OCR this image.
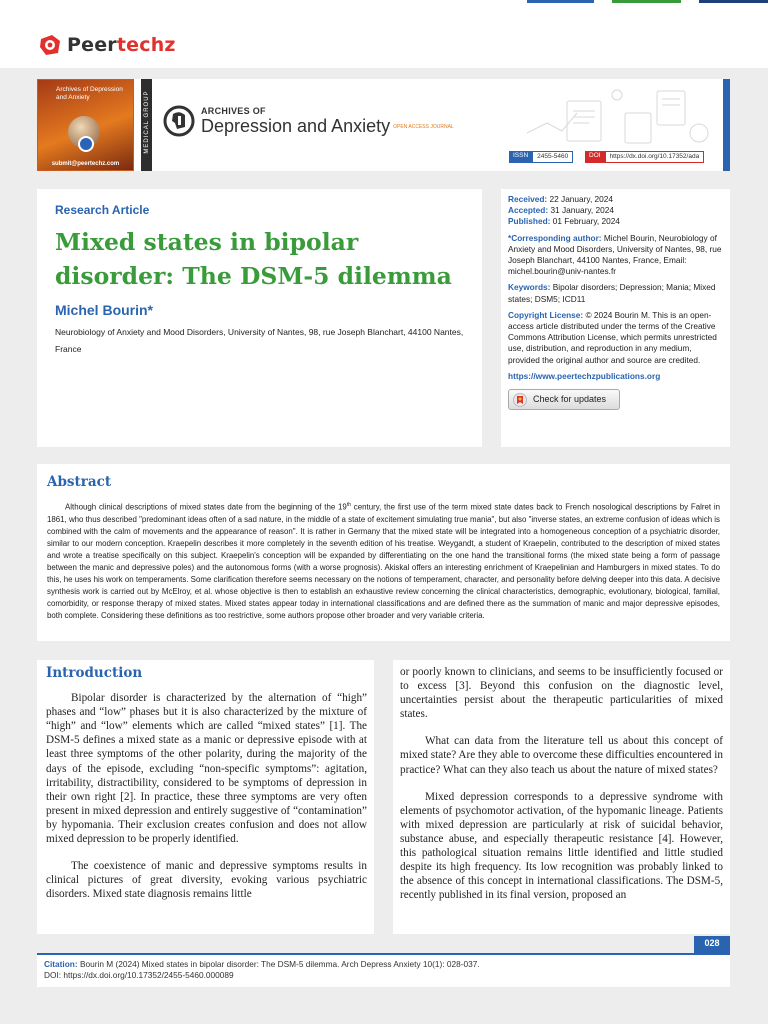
Peertechz
Archives of Depression and Anxiety
submit@peertechz.com
MEDICAL GROUP	ARCHIVES OF
Depression and Anxiety OPEN ACCESS JOURNAL
ISSN	2455-5460	DOI	https://dx.doi.org/10.17352/ada
Research Article
Mixed states in bipolar disorder: The DSM-5 dilemma
Michel Bourin*
Neurobiology of Anxiety and Mood Disorders, University of Nantes, 98, rue Joseph Blanchart, 44100 Nantes, France

Received: 22 January, 2024
Accepted: 31 January, 2024
Published: 01 February, 2024

*Corresponding author: Michel Bourin, Neurobiology of Anxiety and Mood Disorders, University of Nantes, 98, rue Joseph Blanchart, 44100 Nantes, France, Email: michel.bourin@univ-nantes.fr

Keywords: Bipolar disorders; Depression; Mania; Mixed states; DSM5; ICD11

Copyright License: © 2024 Bourin M. This is an open-access article distributed under the terms of the Creative Commons Attribution License, which permits unrestricted use, distribution, and reproduction in any medium, provided the original author and source are credited.

https://www.peertechzpublications.org

Check for updates
Abstract
Although clinical descriptions of mixed states date from the beginning of the 19th century, the first use of the term mixed state dates back to French nosological descriptions by Falret in 1861, who thus described "predominant ideas often of a sad nature, in the middle of a state of excitement simulating true mania", but also "inverse states, an extreme confusion of ideas which is combined with the calm of movements and the appearance of reason". It is rather in Germany that the mixed state will be integrated into a homogeneous conception of a psychiatric disorder, similar to our modern conception. Kraepelin describes it more completely in the seventh edition of his treatise. Weygandt, a student of Kraepelin, contributed to the description of mixed states and wrote a treatise specifically on this subject. Kraepelin's conception will be expanded by differentiating on the one hand the transitional forms (the mixed state being a form of passage between the manic and depressive poles) and the autonomous forms (with a worse prognosis). Akiskal offers an interesting enrichment of Kraepelinian and Hamburgers in mixed states. To do this, he uses his work on temperaments. Some clarification therefore seems necessary on the notions of temperament, character, and personality before delving deeper into this data. A decisive synthesis work is carried out by McElroy, et al. whose objective is then to establish an exhaustive review concerning the clinical characteristics, demographic, evolutionary, biological, familial, comorbidity, or response therapy of mixed states. Mixed states appear today in international classifications and are defined there as the summation of manic and major depressive episodes, both complete. Considering these definitions as too restrictive, some authors propose other broader and very variable criteria.
Introduction

Bipolar disorder is characterized by the alternation of “high” phases and “low” phases but it is also characterized by the mixture of “high” and “low” elements which are called “mixed states” [1]. The DSM-5 defines a mixed state as a manic or depressive episode with at least three symptoms of the other polarity, during the majority of the days of the episode, excluding “non-specific symptoms”: agitation, irritability, distractibility, considered to be symptoms of depression in their own right [2]. In practice, these three symptoms are very often present in mixed depression and entirely suggestive of “contamination” by hypomania. Their exclusion creates confusion and does not allow mixed depression to be properly identified.

The coexistence of manic and depressive symptoms results in clinical pictures of great diversity, evoking various psychiatric disorders. Mixed state diagnosis remains little

or poorly known to clinicians, and seems to be insufficiently focused or to excess [3]. Beyond this confusion on the diagnostic level, uncertainties persist about the therapeutic particularities of mixed states.

What can data from the literature tell us about this concept of mixed state? Are they able to overcome these difficulties encountered in practice? What can they also teach us about the nature of mixed states?

Mixed depression corresponds to a depressive syndrome with elements of psychomotor activation, of the hypomanic lineage. Patients with mixed depression are particularly at risk of suicidal behavior, substance abuse, and especially therapeutic resistance [4]. However, this pathological situation remains little identified and little studied despite its high frequency. Its low recognition was probably linked to the absence of this concept in international classifications. The DSM-5, recently published in its final version, proposed an

028
Citation: Bourin M (2024) Mixed states in bipolar disorder: The DSM-5 dilemma. Arch Depress Anxiety 10(1): 028-037.
DOI: https://dx.doi.org/10.17352/2455-5460.000089
